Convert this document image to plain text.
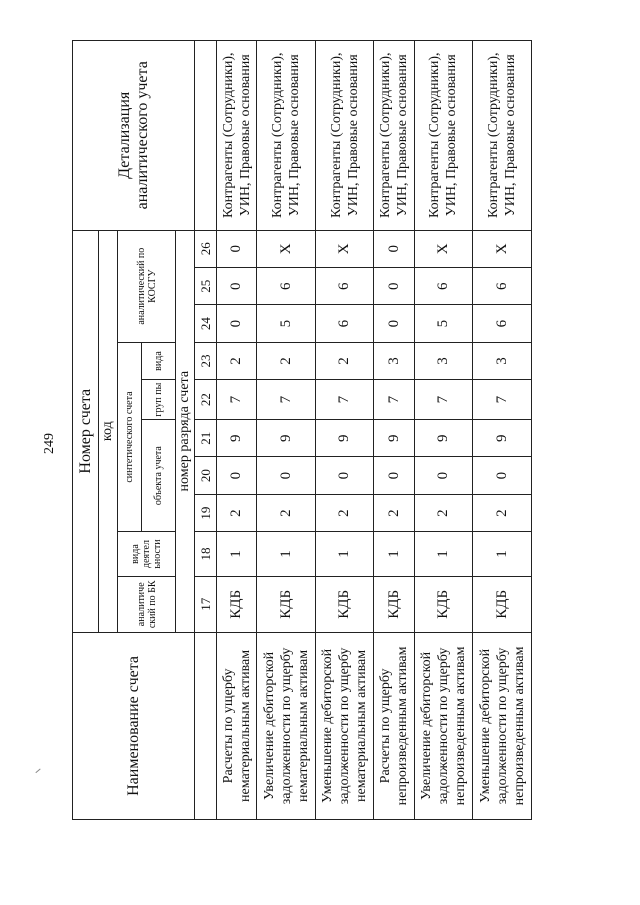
249
Наименование счета	Номер счета										Детализация аналитического учета
	код										
	аналитиче ский по БК	вида деятел ьности	синтетического счета					аналитический по КОСГУ			
			объекта учета			груп пы	вида				
	номер разряда счета										
	17	18	19	20	21	22	23	24	25	26	
Расчеты по ущербу нематериальным активам	КДБ	1	2	0	9	7	2	0	0	0	Контрагенты (Сотрудники), УИН, Правовые основания
Увеличение дебиторской задолженности по ущербу нематериальным активам	КДБ	1	2	0	9	7	2	5	6	Х	Контрагенты (Сотрудники), УИН, Правовые основания
Уменьшение дебиторской задолженности по ущербу нематериальным активам	КДБ	1	2	0	9	7	2	6	6	Х	Контрагенты (Сотрудники), УИН, Правовые основания
Расчеты по ущербу непроизведенным активам	КДБ	1	2	0	9	7	3	0	0	0	Контрагенты (Сотрудники), УИН, Правовые основания
Увеличение дебиторской задолженности по ущербу непроизведенным активам	КДБ	1	2	0	9	7	3	5	6	Х	Контрагенты (Сотрудники), УИН, Правовые основания
Уменьшение дебиторской задолженности по ущербу непроизведенным активам	КДБ	1	2	0	9	7	3	6	6	Х	Контрагенты (Сотрудники), УИН, Правовые основания
